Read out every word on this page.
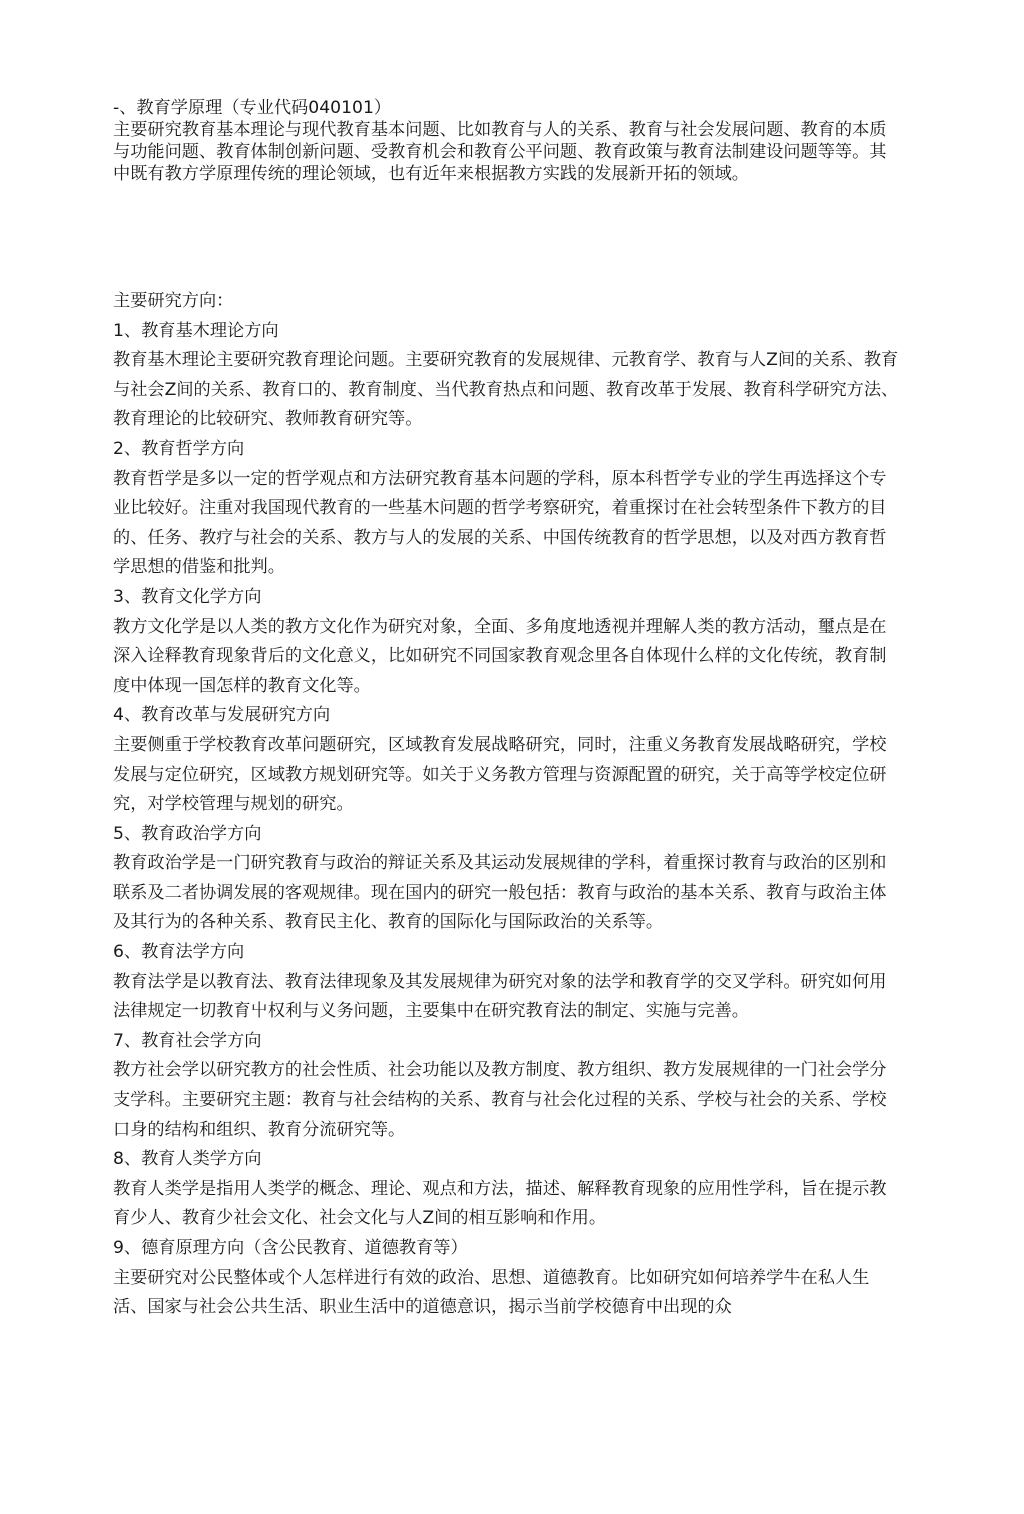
-、教育学原理（专业代码040101）

主要研究教育基本理论与现代教育基本问题、比如教育与人的关系、教育与社会发展问题、教育的本质与功能问题、教育体制创新问题、受教育机会和教育公平问题、教育政策与教育法制建设问题等等。其中既有教方学原理传统的理论领域，也有近年来根据教方实践的发展新开拓的领域。

主要研究方向：

1、教育基木理论方向

教育基木理论主要研究教育理论问题。主要研究教育的发展规律、元教育学、教育与人Z间的关系、教育与社会Z间的关系、教育口的、教育制度、当代教育热点和问题、教育改革于发展、教育科学研究方法、教育理论的比较研究、教师教育研究等。

2、教育哲学方向

教育哲学是多以一定的哲学观点和方法研究教育基本问题的学科，原本科哲学专业的学生再选择这个专业比较好。注重对我国现代教育的一些基木问题的哲学考察研究，着重探讨在社会转型条件下教方的目的、任务、教疗与社会的关系、教方与人的发展的关系、中国传统教育的哲学思想，以及对西方教育哲学思想的借鉴和批判。

3、教育文化学方向

教方文化学是以人类的教方文化作为研究对象，全面、多角度地透视并理解人类的教方活动，璽点是在深入诠释教育现象背后的文化意义，比如研究不同国家教育观念里各自体现什么样的文化传统，教育制度中体现一国怎样的教育文化等。

4、教育改革与发展研究方向

主要侧重于学校教育改革问题研究，区域教育发展战略研究，同时，注重义务教育发展战略研究，学校发展与定位研究，区域教方规划研究等。如关于义务教方管理与资源配置的研究，关于高等学校定位研究，对学校管理与规划的研究。

5、教育政治学方向

教育政治学是一门研究教育与政治的辩证关系及其运动发展规律的学科，着重探讨教育与政治的区别和联系及二者协调发展的客观规律。现在国内的研究一般包括：教育与政治的基本关系、教育与政治主体及其行为的各种关系、教育民主化、教育的国际化与国际政治的关系等。

6、教育法学方向

教育法学是以教育法、教育法律现象及其发展规律为研究对象的法学和教育学的交叉学科。研究如何用法律规定一切教育屮权利与义务问题，主要集中在研究教育法的制定、实施与完善。

7、教育社会学方向

教方社会学以研究教方的社会性质、社会功能以及教方制度、教方组织、教方发展规律的一门社会学分支学科。主要研究主题：教育与社会结构的关系、教育与社会化过程的关系、学校与社会的关系、学校口身的结构和组织、教育分流研究等。

8、教育人类学方向

教育人类学是指用人类学的概念、理论、观点和方法，描述、解释教育现象的应用性学科，旨在提示教育少人、教育少社会文化、社会文化与人Z间的相互影响和作用。

9、德育原理方向（含公民教育、道德教育等）

主要研究对公民整体或个人怎样进行有效的政治、思想、道德教育。比如研究如何培养学牛在私人生活、国家与社会公共生活、职业生活中的道德意识，揭示当前学校德育中出现的众
